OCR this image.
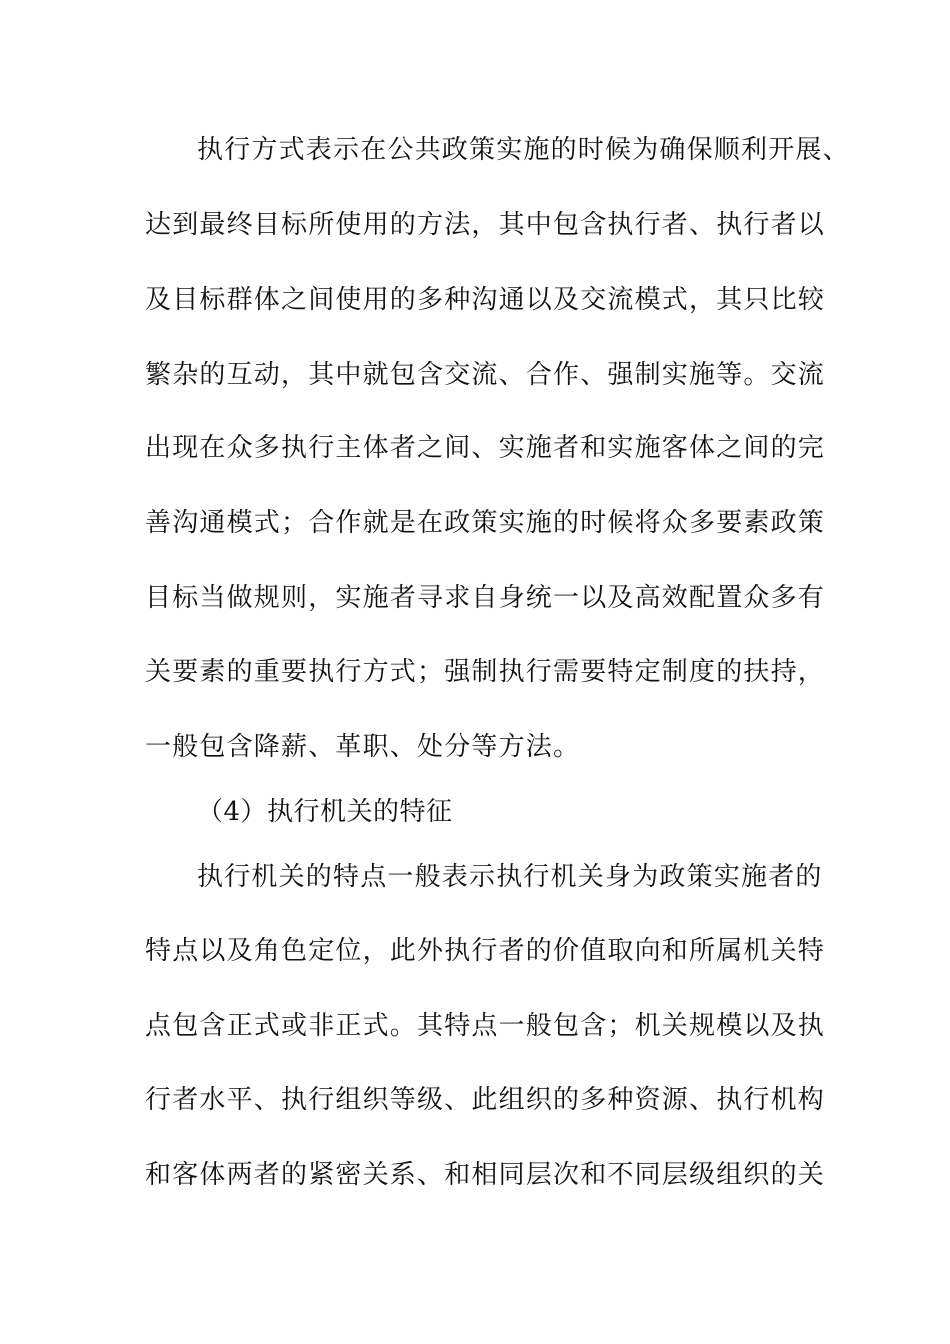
执行方式表示在公共政策实施的时候为确保顺利开展、

达到最终目标所使用的方法，其中包含执行者、执行者以

及目标群体之间使用的多种沟通以及交流模式，其只比较

繁杂的互动，其中就包含交流、合作、强制实施等。交流

出现在众多执行主体者之间、实施者和实施客体之间的完

善沟通模式；合作就是在政策实施的时候将众多要素政策

目标当做规则，实施者寻求自身统一以及高效配置众多有

关要素的重要执行方式；强制执行需要特定制度的扶持，

一般包含降薪、革职、处分等方法。

（4）执行机关的特征

执行机关的特点一般表示执行机关身为政策实施者的

特点以及角色定位，此外执行者的价值取向和所属机关特

点包含正式或非正式。其特点一般包含；机关规模以及执

行者水平、执行组织等级、此组织的多种资源、执行机构

和客体两者的紧密关系、和相同层次和不同层级组织的关
